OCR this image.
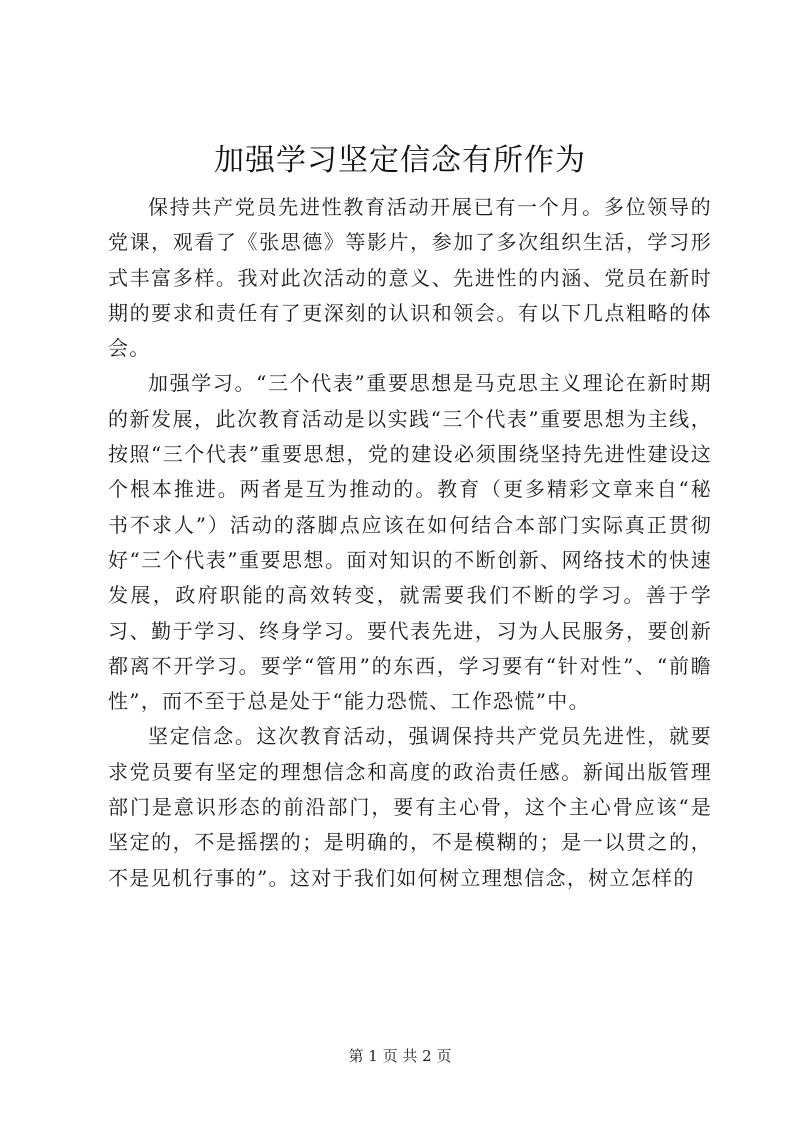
加强学习坚定信念有所作为

保持共产党员先进性教育活动开展已有一个月。多位领导的党课，观看了《张思德》等影片，参加了多次组织生活，学习形式丰富多样。我对此次活动的意义、先进性的内涵、党员在新时期的要求和责任有了更深刻的认识和领会。有以下几点粗略的体会。

加强学习。“三个代表”重要思想是马克思主义理论在新时期的新发展，此次教育活动是以实践“三个代表”重要思想为主线，按照“三个代表”重要思想，党的建设必须围绕坚持先进性建设这个根本推进。两者是互为推动的。教育（更多精彩文章来自“秘书不求人”）活动的落脚点应该在如何结合本部门实际真正贯彻好“三个代表”重要思想。面对知识的不断创新、网络技术的快速发展，政府职能的高效转变，就需要我们不断的学习。善于学习、勤于学习、终身学习。要代表先进，习为人民服务，要创新都离不开学习。要学“管用”的东西，学习要有“针对性”、“前瞻性”，而不至于总是处于“能力恐慌、工作恐慌”中。

坚定信念。这次教育活动，强调保持共产党员先进性，就要求党员要有坚定的理想信念和高度的政治责任感。新闻出版管理部门是意识形态的前沿部门，要有主心骨，这个主心骨应该“是坚定的，不是摇摆的；是明确的，不是模糊的；是一以贯之的，不是见机行事的”。这对于我们如何树立理想信念，树立怎样的

第 1 页 共 2 页
